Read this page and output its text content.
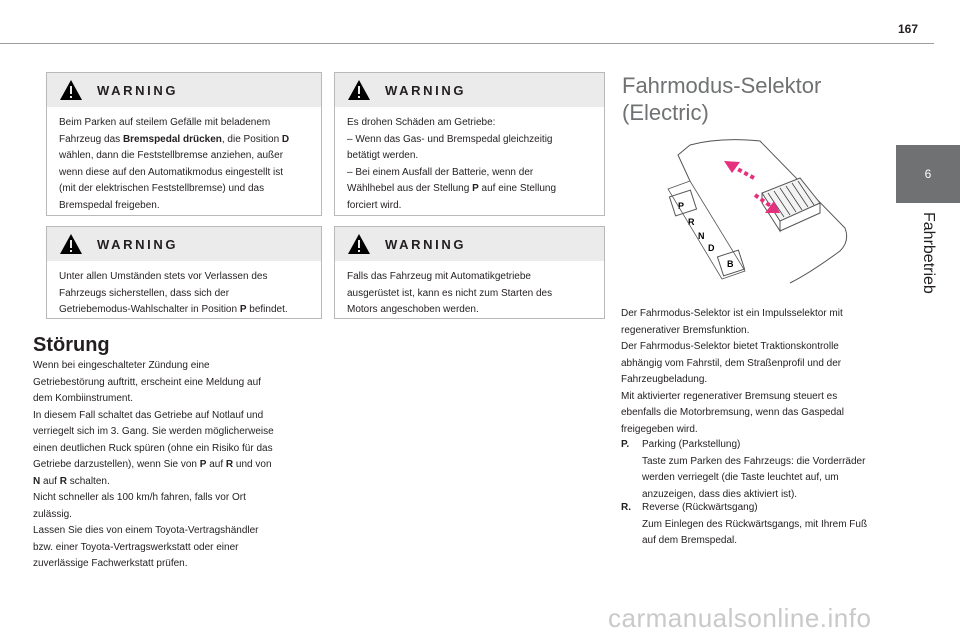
167
6
Fahrbetrieb
WARNING

Beim Parken auf steilem Gefälle mit beladenem
Fahrzeug das Bremspedal drücken, die Position D
wählen, dann die Feststellbremse anziehen, außer
wenn diese auf den Automatikmodus eingestellt ist
(mit der elektrischen Feststellbremse) und das
Bremspedal freigeben.

WARNING

Unter allen Umständen stets vor Verlassen des
Fahrzeugs sicherstellen, dass sich der
Getriebemodus-Wahlschalter in Position P befindet.

WARNING

Es drohen Schäden am Getriebe:
– Wenn das Gas- und Bremspedal gleichzeitig
betätigt werden.
– Bei einem Ausfall der Batterie, wenn der
Wählhebel aus der Stellung P auf eine Stellung
forciert wird.

WARNING

Falls das Fahrzeug mit Automatikgetriebe
ausgerüstet ist, kann es nicht zum Starten des
Motors angeschoben werden.

Störung
Wenn bei eingeschalteter Zündung eine
Getriebestörung auftritt, erscheint eine Meldung auf
dem Kombiinstrument.
In diesem Fall schaltet das Getriebe auf Notlauf und
verriegelt sich im 3. Gang. Sie werden möglicherweise
einen deutlichen Ruck spüren (ohne ein Risiko für das
Getriebe darzustellen), wenn Sie von P auf R und von
N auf R schalten.
Nicht schneller als 100 km/h fahren, falls vor Ort
zulässig.
Lassen Sie dies von einem Toyota-Vertragshändler
bzw. einer Toyota-Vertragswerkstatt oder einer
zuverlässige Fachwerkstatt prüfen.
Fahrmodus-Selektor
(Electric)
P
R
N
D
B
Der Fahrmodus-Selektor ist ein Impulsselektor mit
regenerativer Bremsfunktion.
Der Fahrmodus-Selektor bietet Traktionskontrolle
abhängig vom Fahrstil, dem Straßenprofil und der
Fahrzeugbeladung.
Mit aktivierter regenerativer Bremsung steuert es
ebenfalls die Motorbremsung, wenn das Gaspedal
freigegeben wird.
P. Parking (Parkstellung)
Taste zum Parken des Fahrzeugs: die Vorderräder
werden verriegelt (die Taste leuchtet auf, um
anzuzeigen, dass dies aktiviert ist).
R. Reverse (Rückwärtsgang)
Zum Einlegen des Rückwärtsgangs, mit Ihrem Fuß
auf dem Bremspedal.
carmanualsonline.info
